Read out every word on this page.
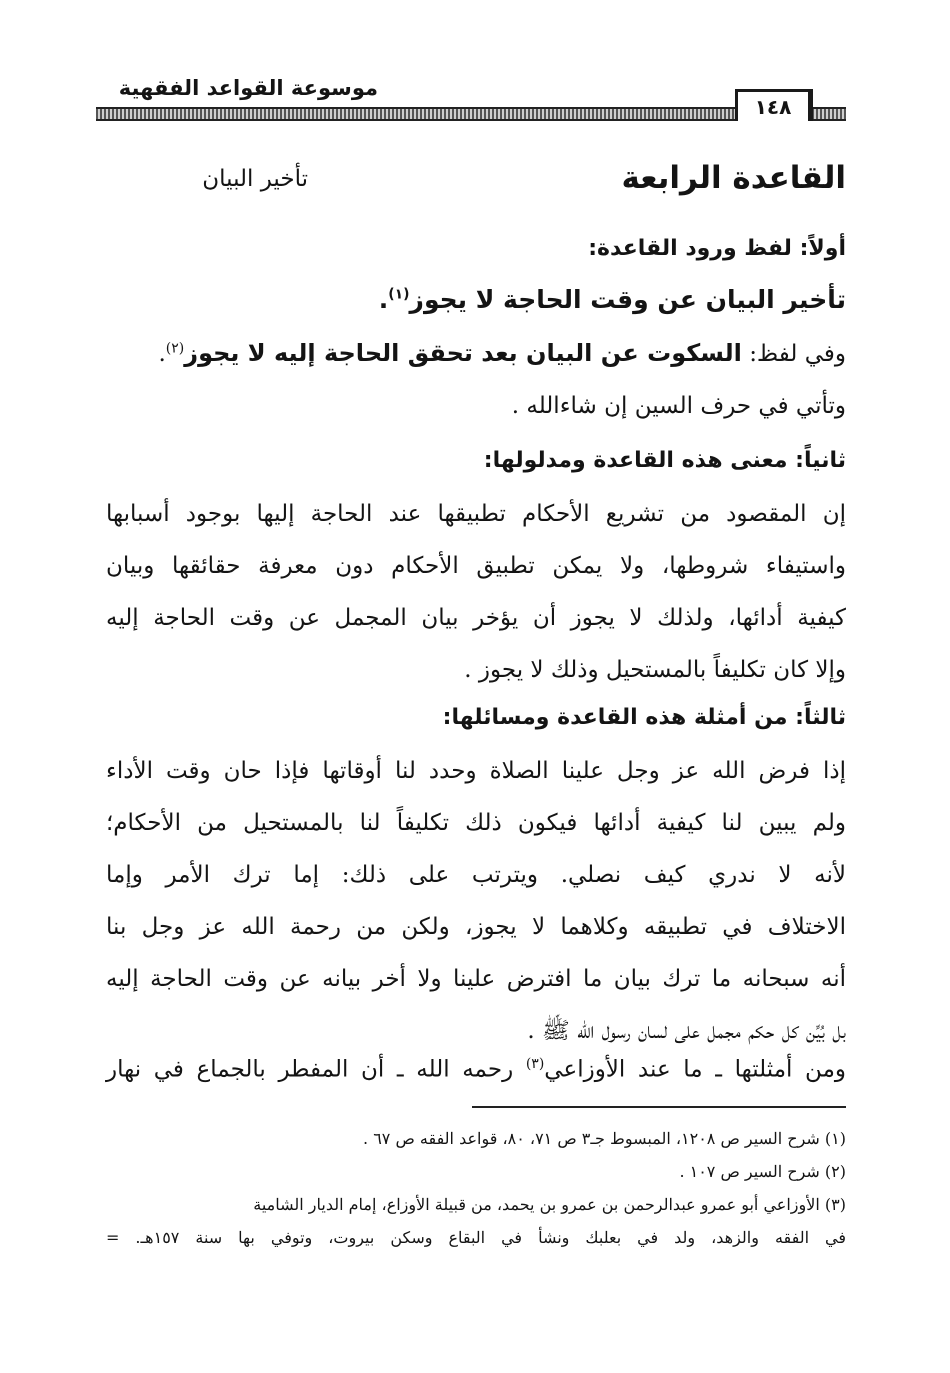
موسوعة القواعد الفقهية
١٤٨
القاعدة الرابعة
تأخير البيان
أولاً: لفظ ورود القاعدة:
تأخير البيان عن وقت الحاجة لا يجوز$^{(١)}$.
وفي لفظ: السكوت عن البيان بعد تحقق الحاجة إليه لا يجوز$^{(٢)}$.
وتأتي في حرف السين إن شاءالله .
ثانياً: معنى هذه القاعدة ومدلولها:
إن المقصود من تشريع الأحكام تطبيقها عند الحاجة إليها بوجود أسبابها
واستيفاء شروطها، ولا يمكن تطبيق الأحكام دون معرفة حقائقها وبيان
كيفية أدائها، ولذلك لا يجوز أن يؤخر بيان المجمل عن وقت الحاجة إليه
وإلا كان تكليفاً بالمستحيل وذلك لا يجوز .
ثالثاً: من أمثلة هذه القاعدة ومسائلها:
إذا فرض الله عز وجل علينا الصلاة وحدد لنا أوقاتها فإذا حان وقت الأداء
ولم يبين لنا كيفية أدائها فيكون ذلك تكليفاً لنا بالمستحيل من الأحكام؛
لأنه لا ندري كيف نصلي. ويترتب على ذلك: إما ترك الأمر وإما
الاختلاف في تطبيقه وكلاهما لا يجوز، ولكن من رحمة الله عز وجل بنا
أنه سبحانه ما ترك بيان ما افترض علينا ولا أخر بيانه عن وقت الحاجة إليه
بل بُيِّن كل حكم مجمل على لسان رسول الله ﷺ .
ومن أمثلتها ـ ما عند الأوزاعي$^{(٣)}$ رحمه الله ـ أن المفطر بالجماع في نهار
(١) شرح السير ص ١٢٠٨، المبسوط جـ٣ ص ٧١، ٨٠، قواعد الفقه ص ٦٧ .
(٢) شرح السير ص ١٠٧ .
(٣) الأوزاعي أبو عمرو عبدالرحمن بن عمرو بن يحمد، من قبيلة الأوزاع، إمام الديار الشامية
في الفقه والزهد، ولد في بعلبك ونشأ في البقاع وسكن بيروت، وتوفي بها سنة ١٥٧هـ. =
